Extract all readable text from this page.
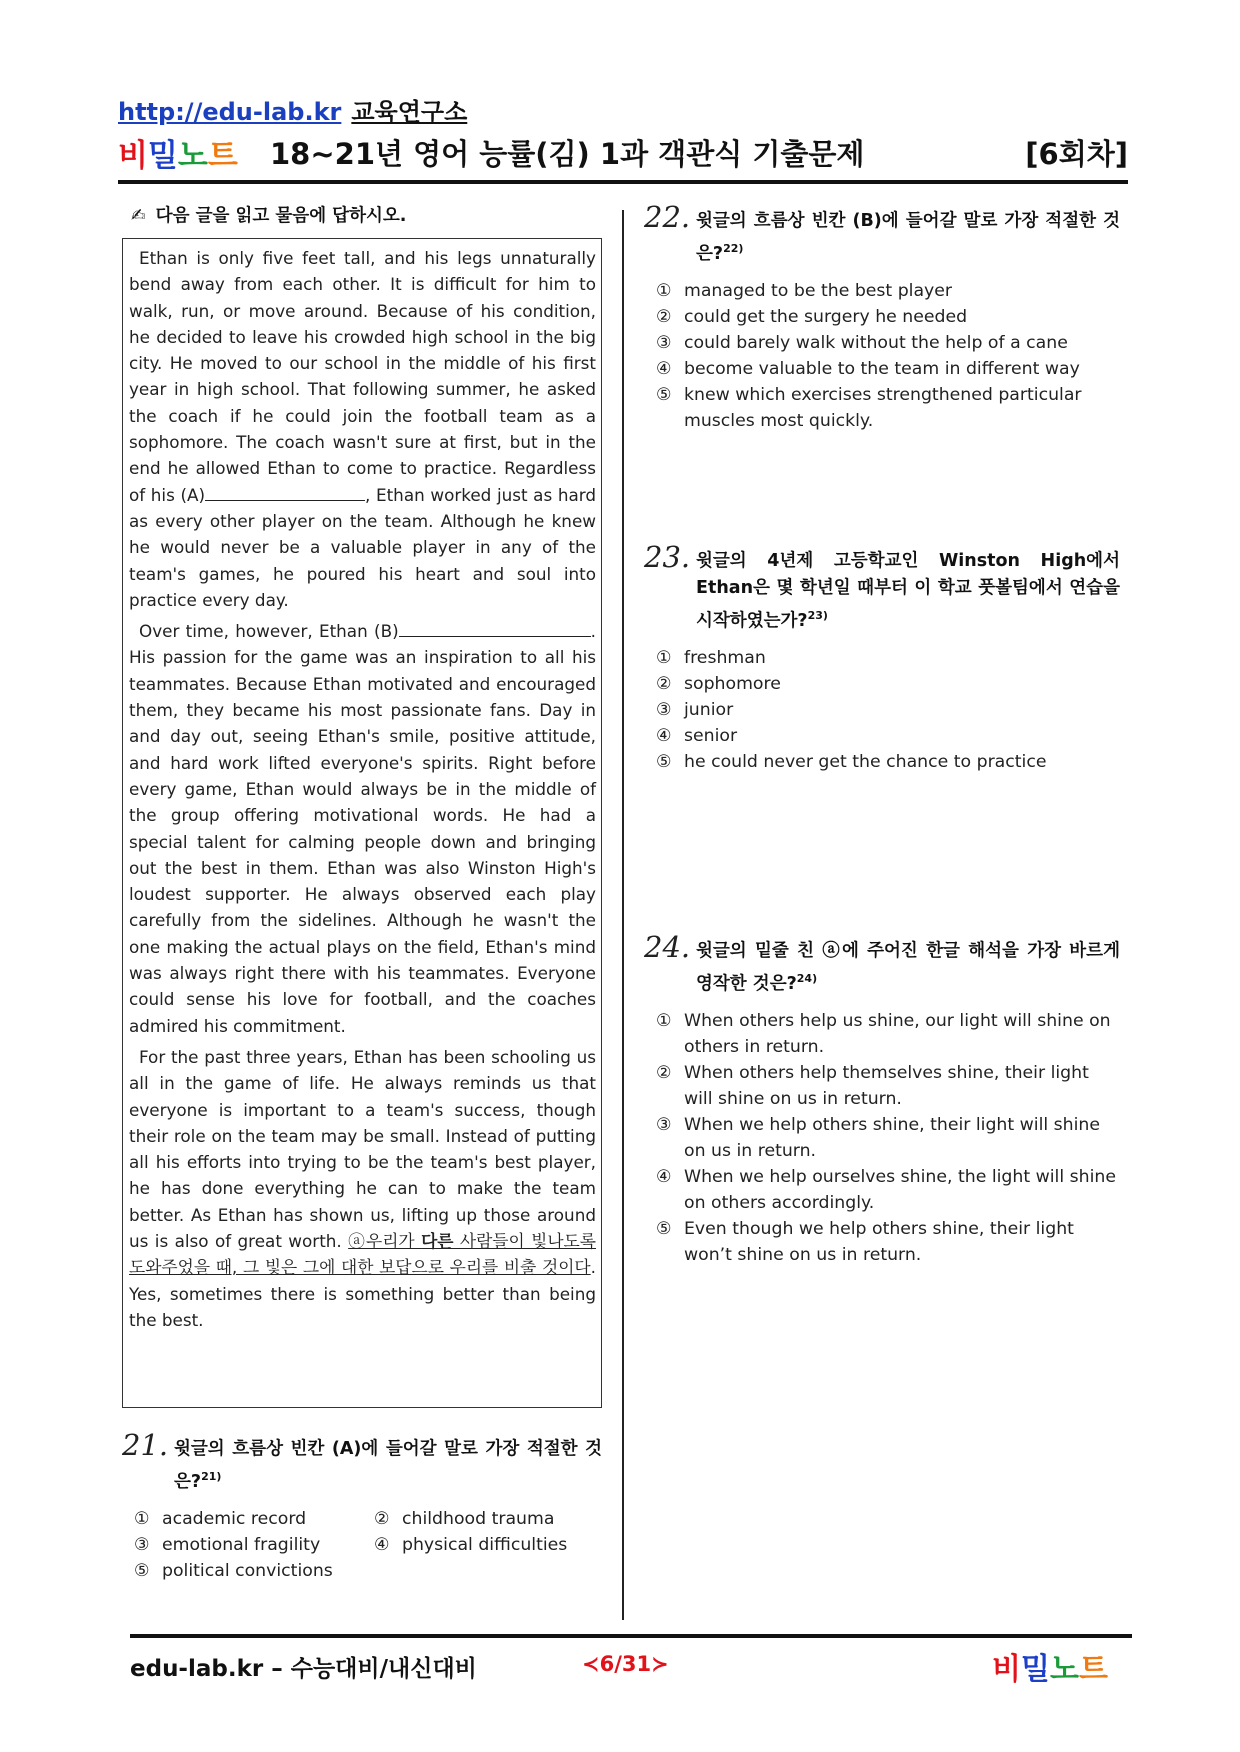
http://edu-lab.kr 교육연구소
비밀노트 18~21년 영어 능률(김) 1과 객관식 기출문제	[6회차]
✍ 다음 글을 읽고 물음에 답하시오.

Ethan is only five feet tall, and his legs unnaturally bend away from each other. It is difficult for him to walk, run, or move around. Because of his condition, he decided to leave his crowded high school in the big city. He moved to our school in the middle of his first year in high school. That following summer, he asked the coach if he could join the football team as a sophomore. The coach wasn't sure at first, but in the end he allowed Ethan to come to practice. Regardless of his (A)	, Ethan worked just as hard as every other player on the team. Although he knew he would never be a valuable player in any of the team's games, he poured his heart and soul into practice every day.

Over time, however, Ethan (B)	. His passion for the game was an inspiration to all his teammates. Because Ethan motivated and encouraged them, they became his most passionate fans. Day in and day out, seeing Ethan's smile, positive attitude, and hard work lifted everyone's spirits. Right before every game, Ethan would always be in the middle of the group offering motivational words. He had a special talent for calming people down and bringing out the best in them. Ethan was also Winston High's loudest supporter. He always observed each play carefully from the sidelines. Although he wasn't the one making the actual plays on the field, Ethan's mind was always right there with his teammates. Everyone could sense his love for football, and the coaches admired his commitment.

For the past three years, Ethan has been schooling us all in the game of life. He always reminds us that everyone is important to a team's success, though their role on the team may be small. Instead of putting all his efforts into trying to be the team's best player, he has done everything he can to make the team better. As Ethan has shown us, lifting up those around us is also of great worth. ⓐ우리가 다른 사람들이 빛나도록 도와주었을 때, 그 빛은 그에 대한 보답으로 우리를 비출 것이다. Yes, sometimes there is something better than being the best.

21. 윗글의 흐름상 빈칸 (A)에 들어갈 말로 가장 적절한 것은?$^{21)}$
① academic record	② childhood trauma
③ emotional fragility	④ physical difficulties
⑤ political convictions
22. 윗글의 흐름상 빈칸 (B)에 들어갈 말로 가장 적절한 것은?$^{22)}$
① managed to be the best player
② could get the surgery he needed
③ could barely walk without the help of a cane
④ become valuable to the team in different way
⑤ knew which exercises strengthened particular muscles most quickly.
23. 윗글의 4년제 고등학교인 Winston High에서 Ethan은 몇 학년일 때부터 이 학교 풋볼팀에서 연습을 시작하였는가?$^{23)}$
① freshman
② sophomore
③ junior
④ senior
⑤ he could never get the chance to practice
24. 윗글의 밑줄 친 ⓐ에 주어진 한글 해석을 가장 바르게 영작한 것은?$^{24)}$
① When others help us shine, our light will shine on others in return.
② When others help themselves shine, their light will shine on us in return.
③ When we help others shine, their light will shine on us in return.
④ When we help ourselves shine, the light will shine on others accordingly.
⑤ Even though we help others shine, their light won’t shine on us in return.
edu-lab.kr – 수능대비/내신대비	≺6/31≻	비밀노트
